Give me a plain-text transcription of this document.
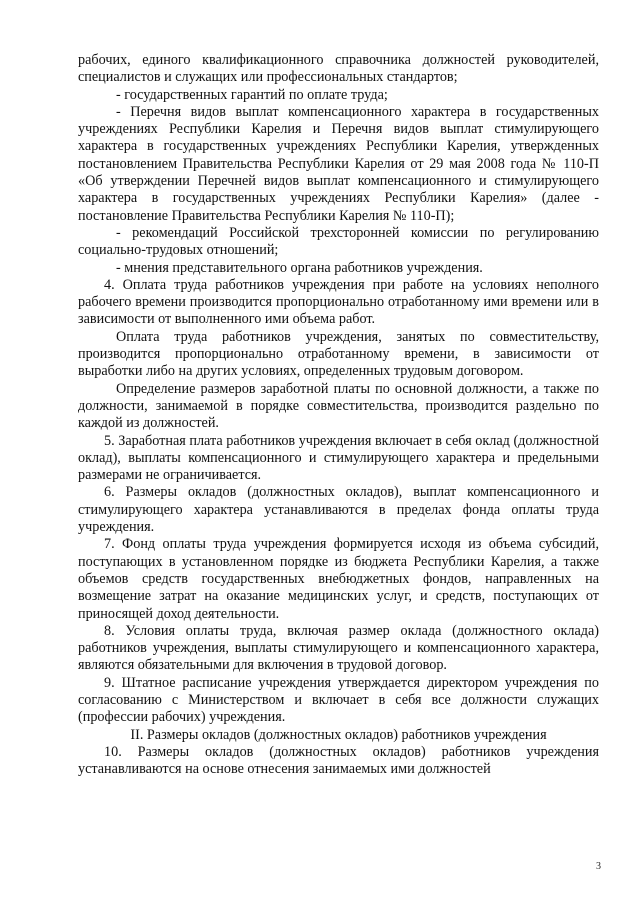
рабочих, единого квалификационного справочника должностей руководителей, специалистов и служащих или профессиональных стандартов;

- государственных гарантий по оплате труда;

- Перечня видов выплат компенсационного характера в государственных учреждениях Республики Карелия и Перечня видов выплат стимулирующего характера в государственных учреждениях Республики Карелия, утвержденных постановлением Правительства Республики Карелия от 29 мая 2008 года № 110-П «Об утверждении Перечней видов выплат компенсационного и стимулирующего характера в государственных учреждениях Республики Карелия» (далее - постановление Правительства Республики Карелия № 110-П);

- рекомендаций Российской трехсторонней комиссии по регулированию социально-трудовых отношений;

- мнения представительного органа работников учреждения.

4. Оплата труда работников учреждения при работе на условиях неполного рабочего времени производится пропорционально отработанному ими времени или в зависимости от выполненного ими объема работ.

Оплата труда работников учреждения, занятых по совместительству, производится пропорционально отработанному времени, в зависимости от выработки либо на других условиях, определенных трудовым договором.

Определение размеров заработной платы по основной должности, а также по должности, занимаемой в порядке совместительства, производится раздельно по каждой из должностей.

5. Заработная плата работников учреждения включает в себя оклад (должностной оклад), выплаты компенсационного и стимулирующего характера и предельными размерами не ограничивается.

6. Размеры окладов (должностных окладов), выплат компенсационного и стимулирующего характера устанавливаются в пределах фонда оплаты труда учреждения.

7. Фонд оплаты труда учреждения формируется исходя из объема субсидий, поступающих в установленном порядке из бюджета Республики Карелия, а также объемов средств государственных внебюджетных фондов, направленных на возмещение затрат на оказание медицинских услуг, и средств, поступающих от приносящей доход деятельности.

8. Условия оплаты труда, включая размер оклада (должностного оклада) работников учреждения, выплаты стимулирующего и компенсационного характера, являются обязательными для включения в трудовой договор.

9. Штатное расписание учреждения утверждается директором учреждения по согласованию с Министерством и включает в себя все должности служащих (профессии рабочих) учреждения.

II. Размеры окладов (должностных окладов) работников учреждения

10. Размеры окладов (должностных окладов) работников учреждения устанавливаются на основе отнесения занимаемых ими должностей

3
